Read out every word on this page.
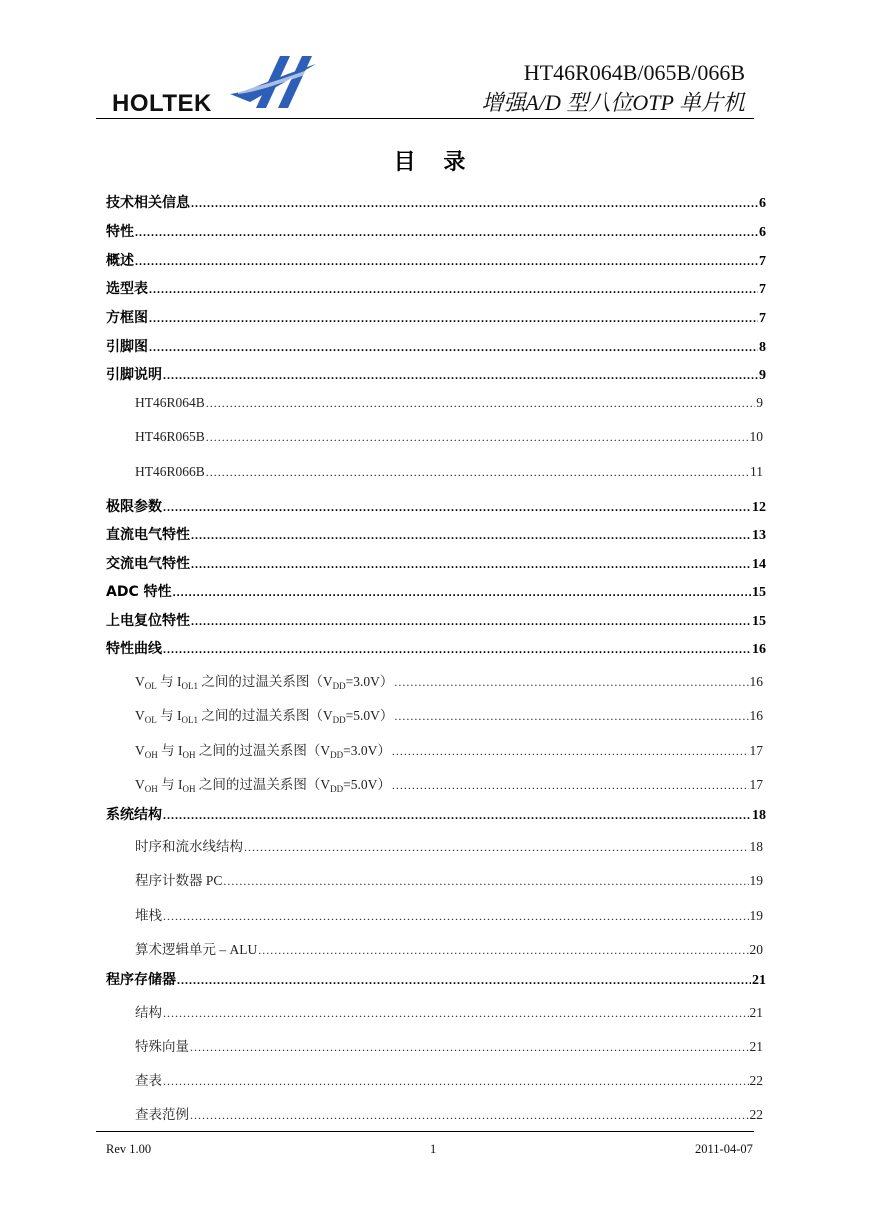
HOLTEK
HT46R064B/065B/066B
增强A/D 型八位OTP 单片机
目 录
技术相关信息 .....	6
特性 .....	6
概述 .....	7
选型表 .....	7
方框图 .....	7
引脚图 .....	8
引脚说明 .....	9
HT46R064B .....	9
HT46R065B .....	10
HT46R066B .....	11
极限参数 .....	12
直流电气特性 .....	13
交流电气特性 .....	14
ADC 特性 .....	15
上电复位特性 .....	15
特性曲线 .....	16
$V_{OL}$ 与 $I_{OL1}$ 之间的过温关系图$(V_{DD}=3.0V)$ .....	16
$V_{OL}$ 与 $I_{OL1}$ 之间的过温关系图$(V_{DD}=5.0V)$ .....	16
$V_{OH}$ 与 $I_{OH}$ 之间的过温关系图$(V_{DD}=3.0V)$ .....	17
$V_{OH}$ 与 $I_{OH}$ 之间的过温关系图$(V_{DD}=5.0V)$ .....	17
系统结构 .....	18
时序和流水线结构 .....	18
程序计数器 PC .....	19
堆栈 .....	19
算术逻辑单元 – ALU .....	20
程序存储器 .....	21
结构 .....	21
特殊向量 .....	21
查表 .....	22
查表范例 .....	22
Rev 1.00	1	2011-04-07
